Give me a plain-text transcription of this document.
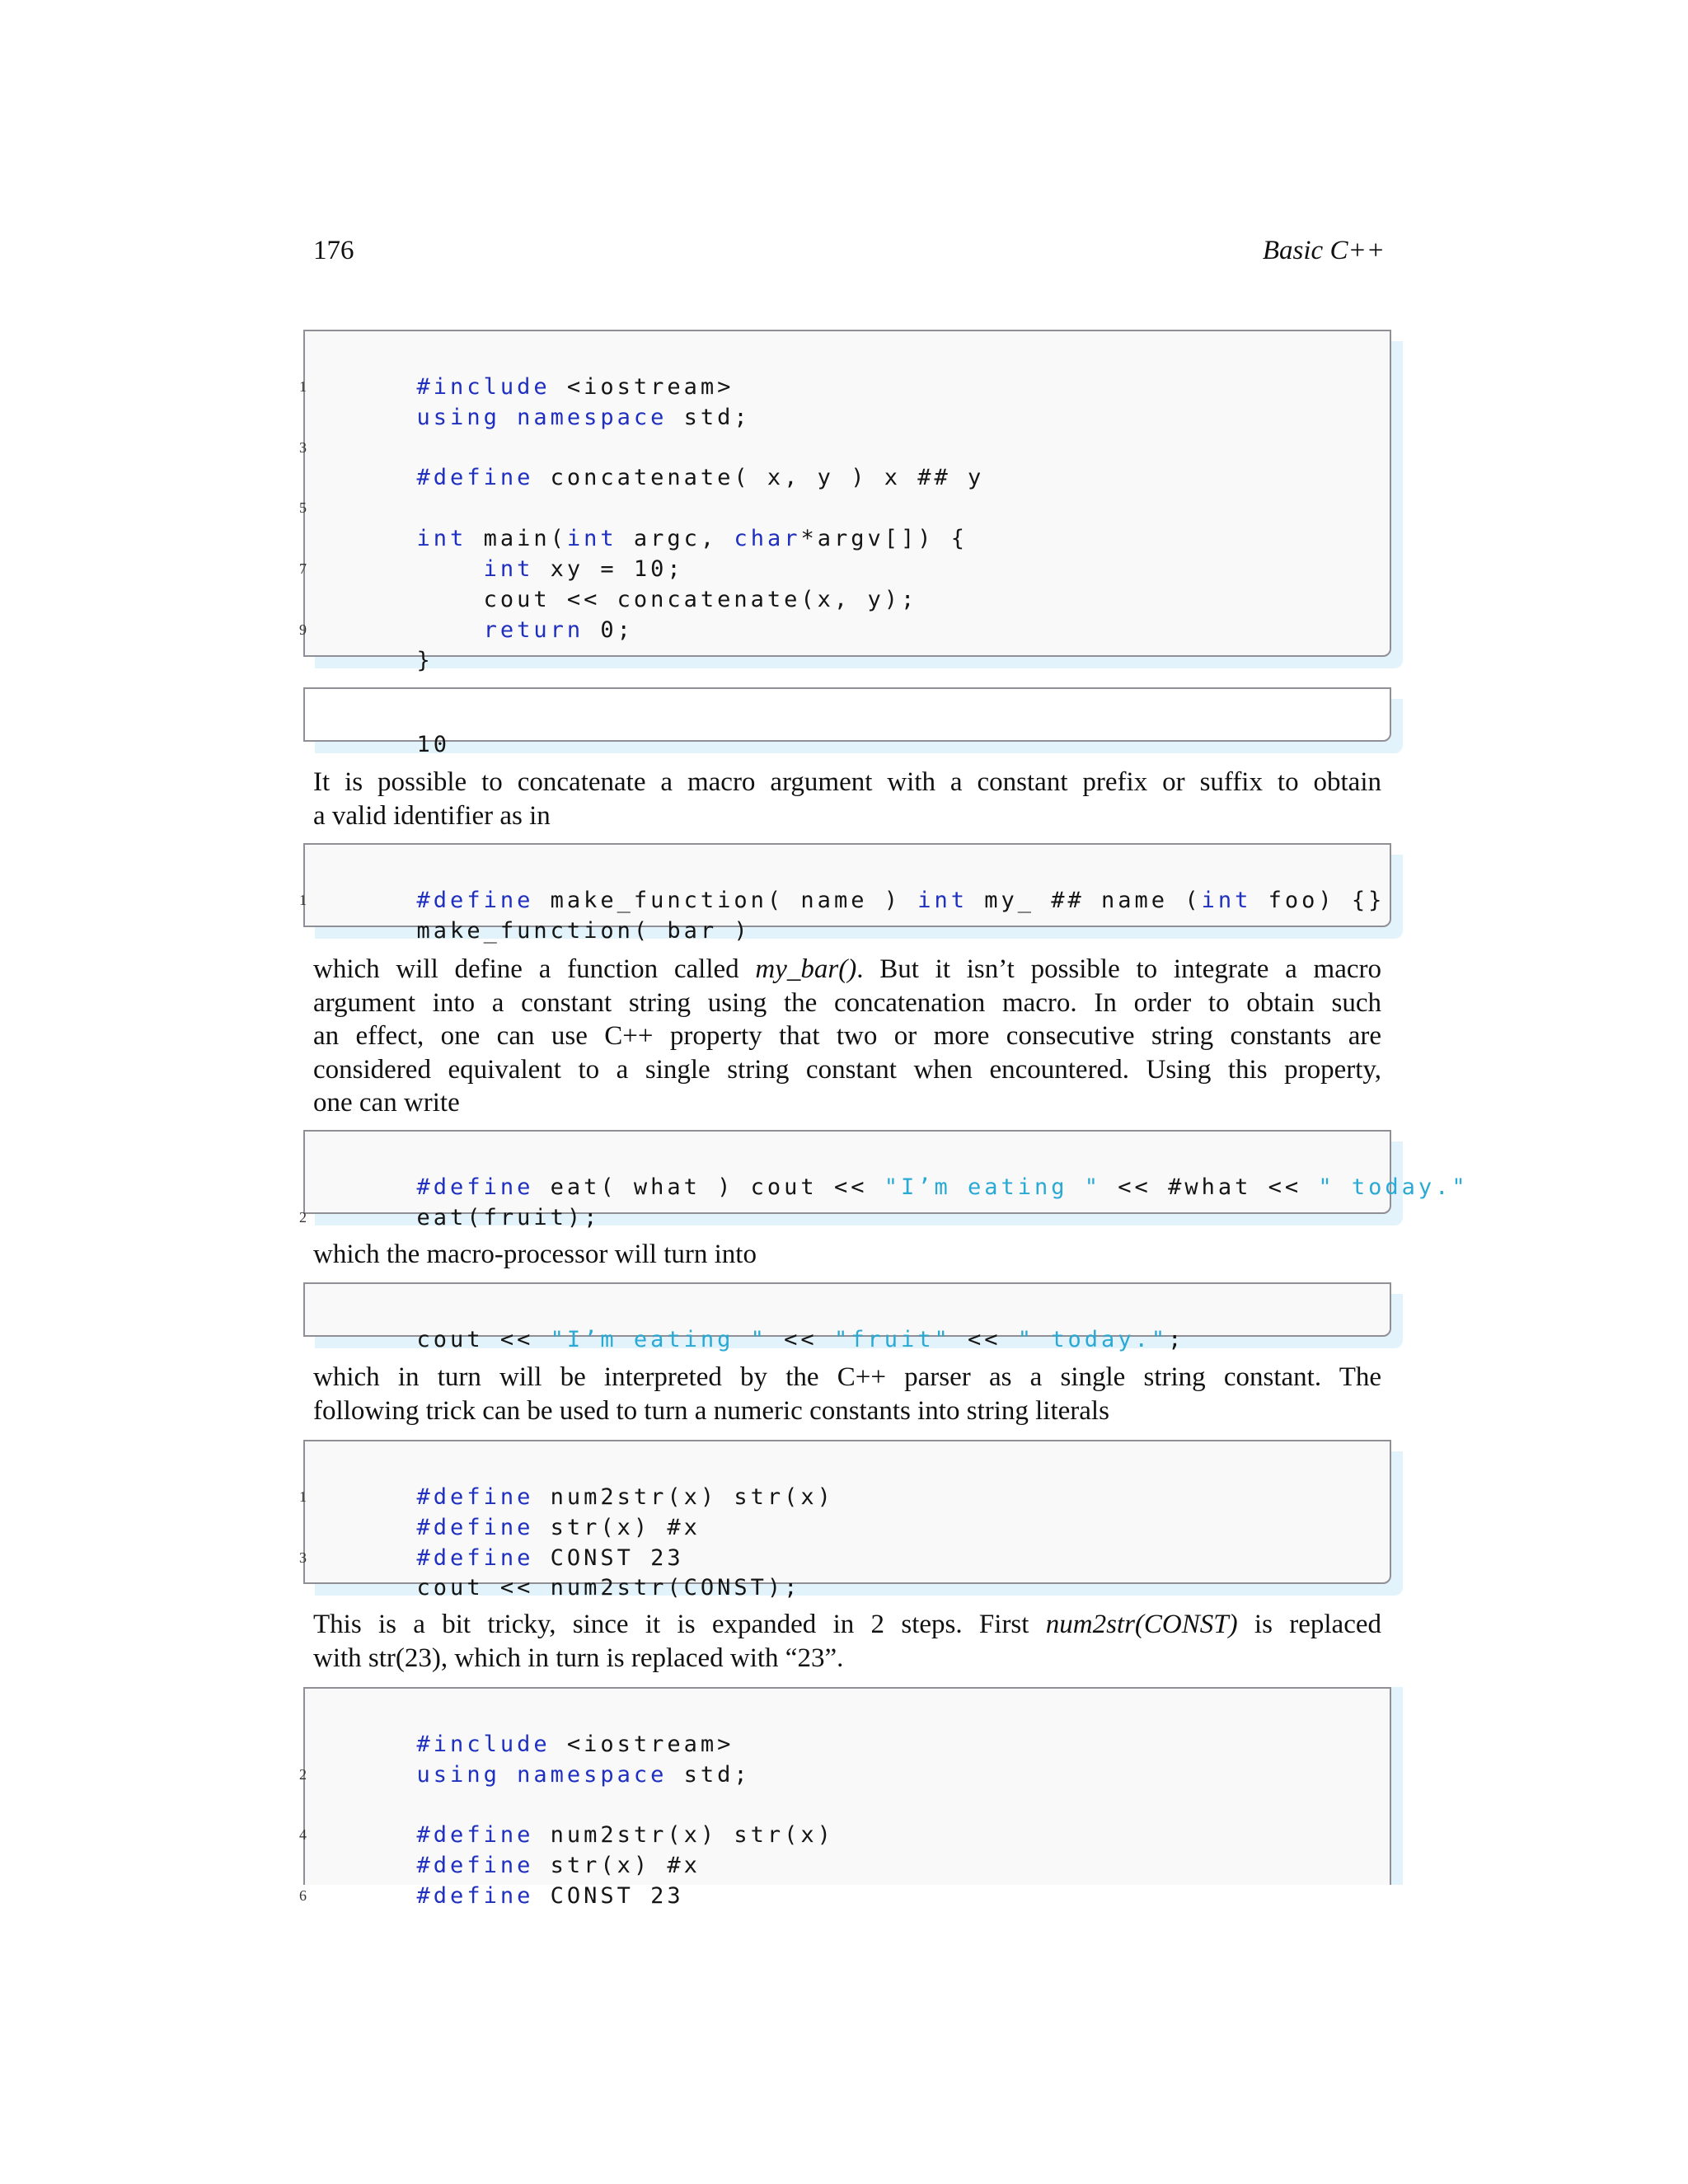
176	Basic C++

1	#include <iostream>

using namespace std;

3

#define concatenate( x, y ) x ## y

5

int main(int argc, char*argv[]) {

7	int xy = 10;

cout << concatenate(x, y);

9	return 0;

}

10

It is possible to concatenate a macro argument with a constant prefix or suffix to obtain
a valid identifier as in

1	#define make_function( name ) int my_ ## name (int foo) {}

make_function( bar )

which will define a function called my_bar(). But it isn’t possible to integrate a macro
argument into a constant string using the concatenation macro. In order to obtain such
an effect, one can use C++ property that two or more consecutive string constants are
considered equivalent to a single string constant when encountered. Using this property,
one can write

#define eat( what ) cout << "I’m eating " << #what << " today."

2	eat(fruit);

which the macro-processor will turn into

cout << "I’m eating " << "fruit" << " today.";

which in turn will be interpreted by the C++ parser as a single string constant. The
following trick can be used to turn a numeric constants into string literals

1	#define num2str(x) str(x)

#define str(x) #x

3	#define CONST 23

cout << num2str(CONST);

This is a bit tricky, since it is expanded in 2 steps. First num2str(CONST) is replaced
with str(23), which in turn is replaced with “23”.

#include <iostream>

2	using namespace std;

4	#define num2str(x) str(x)

#define str(x) #x

6	#define CONST 23
